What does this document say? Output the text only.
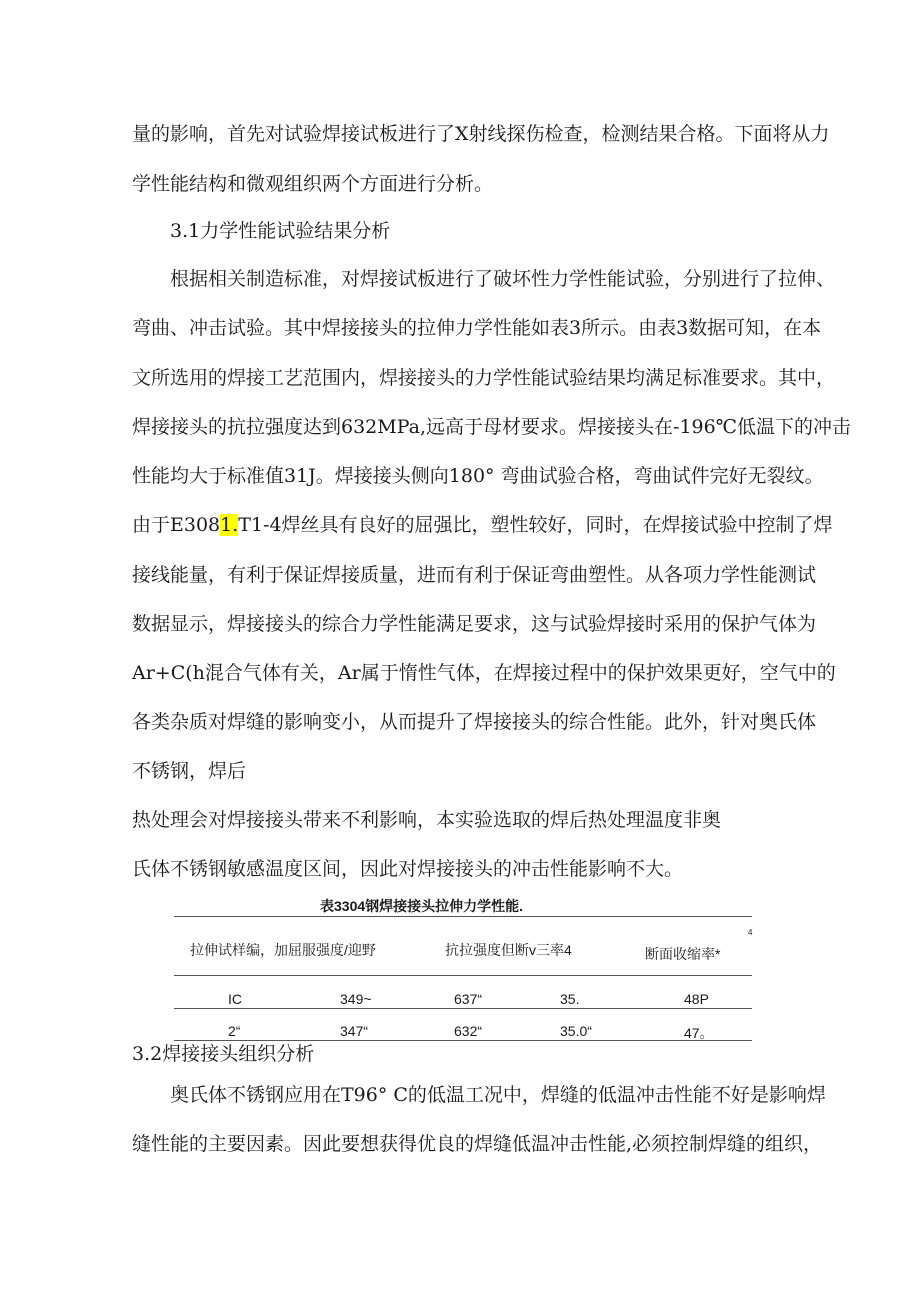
量的影响，首先对试验焊接试板进行了X射线探伤检查，检测结果合格。下面将从力
学性能结构和微观组织两个方面进行分析。
3.1力学性能试验结果分析
根据相关制造标准，对焊接试板进行了破坏性力学性能试验，分别进行了拉伸、
弯曲、冲击试验。其中焊接接头的拉伸力学性能如表3所示。由表3数据可知，在本
文所选用的焊接工艺范围内，焊接接头的力学性能试验结果均满足标准要求。其中，
焊接接头的抗拉强度达到632MPa,远高于母材要求。焊接接头在-196℃低温下的冲击
性能均大于标准值31J。焊接接头侧向180° 弯曲试验合格，弯曲试件完好无裂纹。
由于E3081.T1-4焊丝具有良好的屈强比，塑性较好，同时，在焊接试验中控制了焊
接线能量，有利于保证焊接质量，进而有利于保证弯曲塑性。从各项力学性能测试
数据显示，焊接接头的综合力学性能满足要求，这与试验焊接时采用的保护气体为
Ar+C(h混合气体有关，Ar属于惰性气体，在焊接过程中的保护效果更好，空气中的
各类杂质对焊缝的影响变小，从而提升了焊接接头的综合性能。此外，针对奥氏体
不锈钢，焊后
热处理会对焊接接头带来不利影响，本实验选取的焊后热处理温度非奥
氏体不锈钢敏感温度区间，因此对焊接接头的冲击性能影响不大。
表3304钢焊接接头拉伸力学性能.
拉伸试样编，加屈服强度/迎野	抗拉强度但断v三率4	断面收缩率*
4
IC	349~	637“	35.	48P
2“	347“	632“	35.0“	47。
3.2焊接接头组织分析
奥氏体不锈钢应用在T96° C的低温工况中，焊缝的低温冲击性能不好是影响焊
缝性能的主要因素。因此要想获得优良的焊缝低温冲击性能,必须控制焊缝的组织，
